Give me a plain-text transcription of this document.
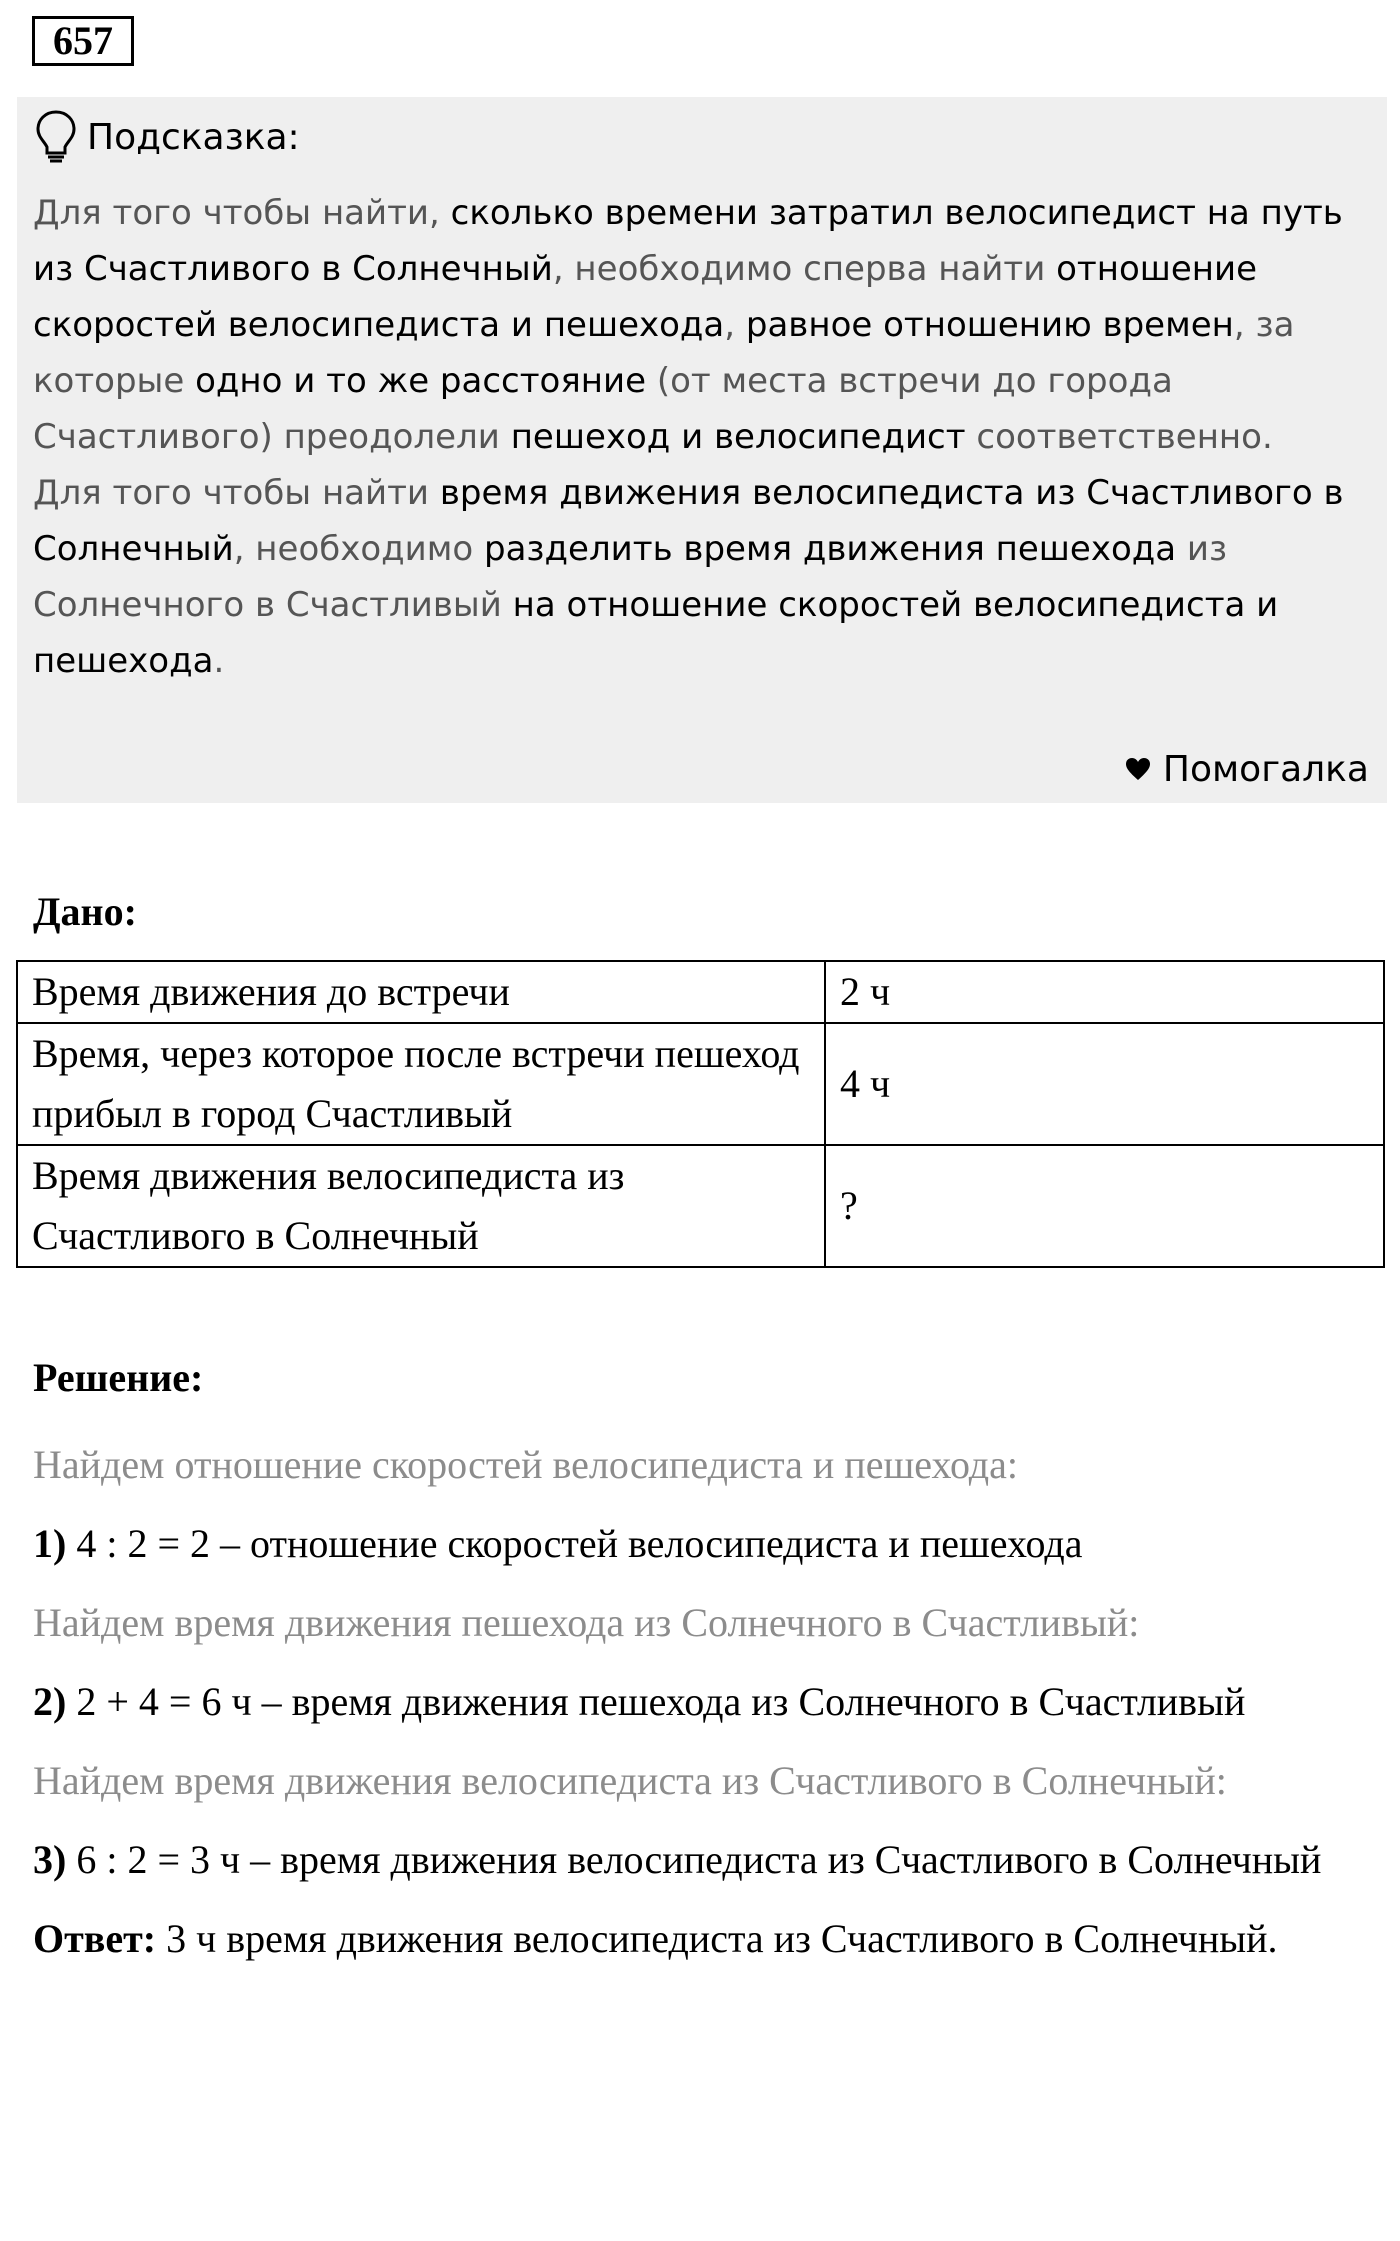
657
Подсказка:

Для того чтобы найти, сколько времени затратил велосипедист на путь из Счастливого в Солнечный, необходимо сперва найти отношение скоростей велосипедиста и пешехода, равное отношению времен, за которые одно и то же расстояние (от места встречи до города Счастливого) преодолели пешеход и велосипедист соответственно.

Для того чтобы найти время движения велосипедиста из Счастливого в Солнечный, необходимо разделить время движения пешехода из Солнечного в Счастливый на отношение скоростей велосипедиста и пешехода.

Помогалка
Дано:
Время движения до встречи	2 ч
Время, через которое после встречи пешеход прибыл в город Счастливый	4 ч
Время движения велосипедиста из Счастливого в Солнечный	?
Решение:
Найдем отношение скоростей велосипедиста и пешехода:
1) 4 : 2 = 2 – отношение скоростей велосипедиста и пешехода
Найдем время движения пешехода из Солнечного в Счастливый:
2) 2 + 4 = 6 ч – время движения пешехода из Солнечного в Счастливый
Найдем время движения велосипедиста из Счастливого в Солнечный:
3) 6 : 2 = 3 ч – время движения велосипедиста из Счастливого в Солнечный
Ответ: 3 ч время движения велосипедиста из Счастливого в Солнечный.
